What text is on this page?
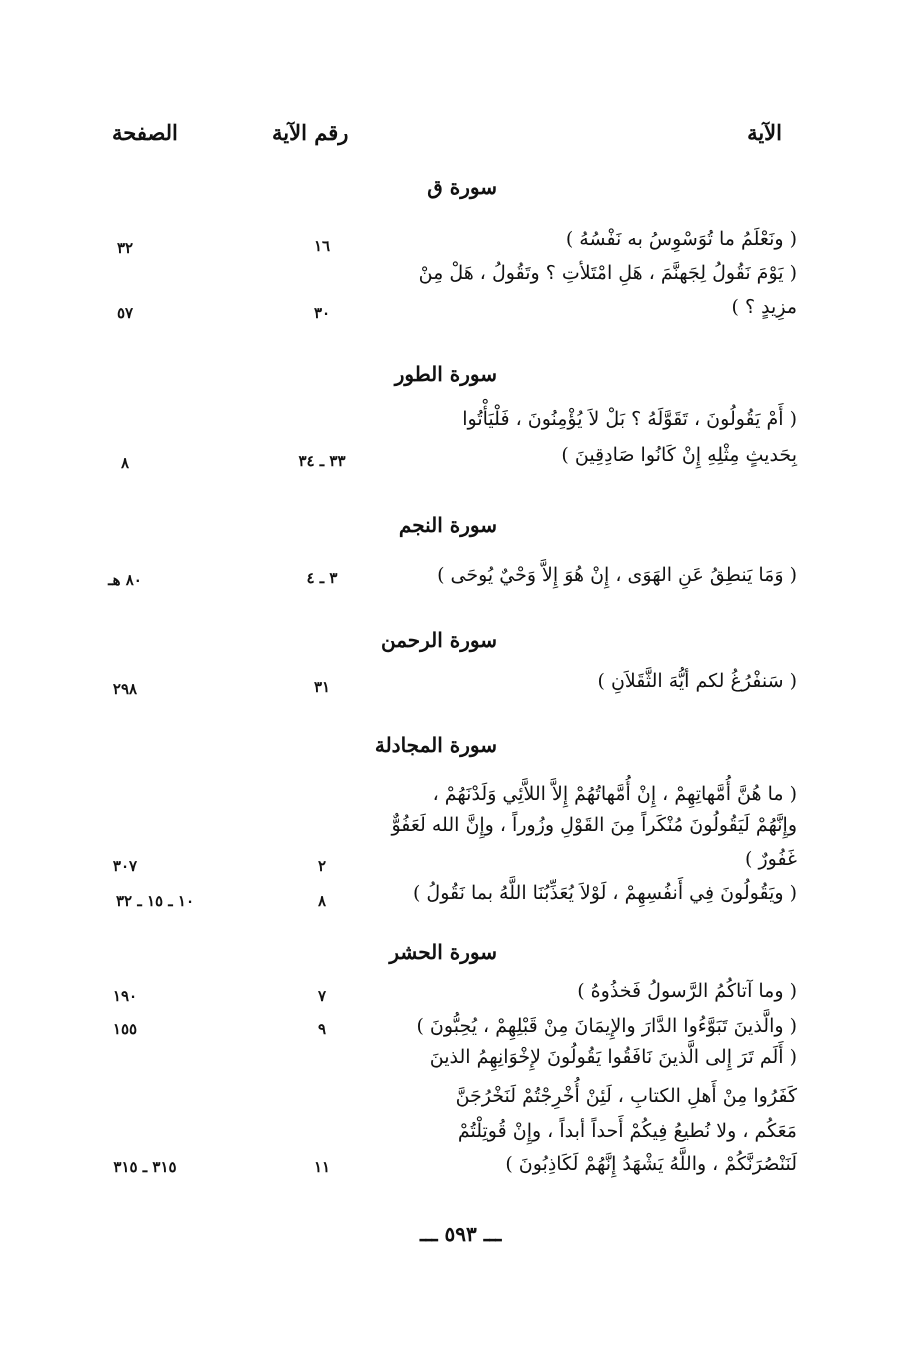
الآية
رقم الآية
الصفحة
سورة ق
( ونَعْلَمُ ما تُوَسْوِسُ به نَفْسُهُ )
( يَوْمَ نَقُولُ لِجَهنَّمَ ، هَلِ امْتَلأتِ ؟ وتَقُولُ ، هَلْ مِنْ
مزِيدٍ ؟ )
١٦
٣٢
٣٠
٥٧
سورة الطور
( أَمْ يَقُولُونَ ، تَقَوَّلَهُ ؟ بَلْ لاَ يُؤْمِنُونَ ، فَلْيَأْتُوا
بِحَديثٍ مِثْلِهِ إِنْ كَانُوا صَادِقِينَ )
٣٣ ـ ٣٤
٨
سورة النجم
( وَمَا يَنطِقُ عَنِ الهَوَى ، إِنْ هُوَ إِلاَّ وَحْيٌ يُوحَى )
٣ ـ ٤
٨٠ هـ
سورة الرحمن
( سَنفْرُغُ لكم أيُّهَ الثَّقَلاَنِ )
٣١
٢٩٨
سورة المجادلة
( ما هُنَّ أُمَّهاتِهِمْ ، إِنْ أُمَّهاتُهُمْ إِلاَّ اللاَّئِي وَلَدْنَهُمْ ،
وإِنَّهُمْ لَيَقُولُونَ مُنْكَراً مِنَ القَوْلِ وزُوراً ، وإِنَّ الله لَعَفُوٌّ
غَفُورٌ )
( ويَقُولُونَ فِي أَنفُسِهِمْ ، لَوْلاَ يُعَذِّبُنَا اللَّهُ بما نَقُولُ )
٢
٣٠٧
٨
١٠ ـ ١٥ ـ ٣٢
سورة الحشر
( وما آتاكُمُ الرَّسولُ فَخذُوهُ )
( والَّذينَ تَبَوَّءُوا الدَّارَ والإِيمَانَ مِنْ قَبْلِهِمْ ، يُحِبُّونَ )
( أَلَم تَرَ إِلى الَّذينَ نَافَقُوا يَقُولُونَ لإِخْوَانِهِمُ الذينَ
كَفَرُوا مِنْ أَهلِ الكتابِ ، لَئِنْ أُخْرِجْتُمْ لَنَخْرُجَنَّ
مَعَكُم ، ولا نُطيعُ فِيكُمْ أَحداً أبداً ، وإِنْ قُوتِلْتُمْ
لَنَنْصُرَنَّكُمْ ، واللَّهُ يَشْهَدُ إِنَّهُمْ لَكَاذِبُونَ )
٧
١٩٠
٩
١٥٥
١١
٣١٥ ـ ٣١٥
ـــ ٥٩٣ ـــ
